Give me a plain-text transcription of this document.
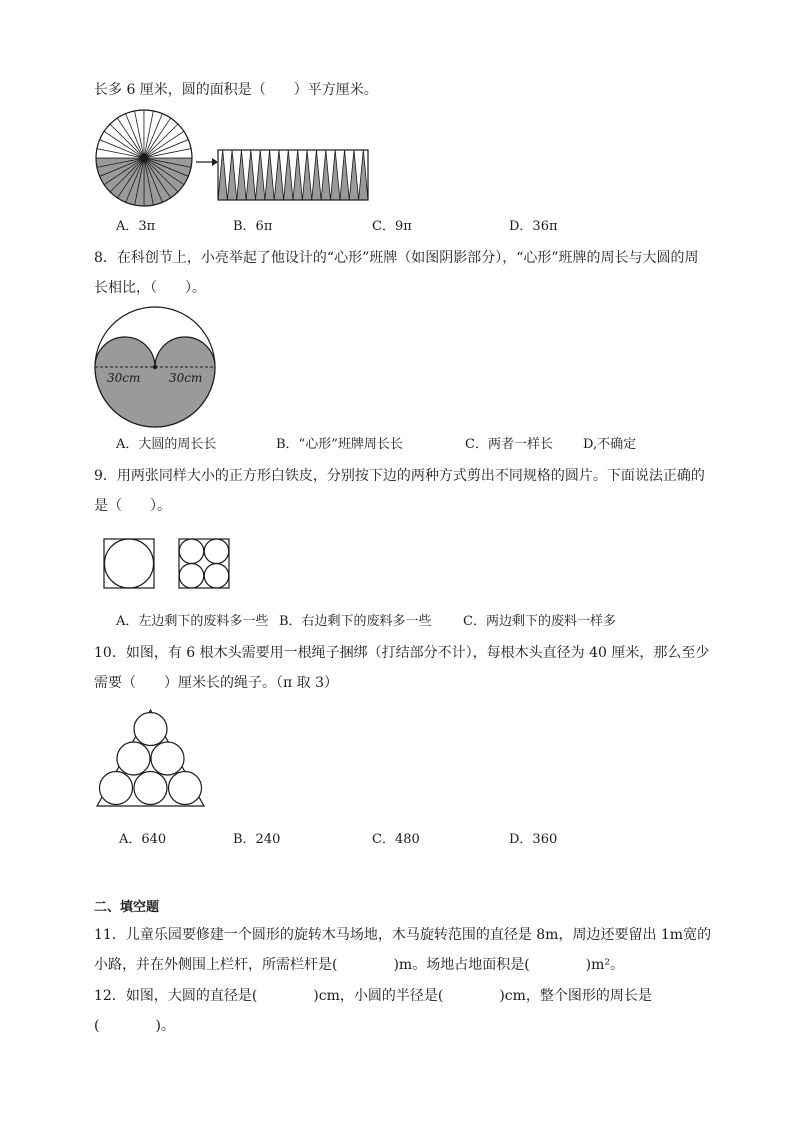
长多 6 厘米，圆的面积是（　　）平方厘米。
A．3π	B．6π	C．9π	D．36π
8．在科创节上，小亮举起了他设计的“心形”班牌（如图阴影部分），“心形”班牌的周长与大圆的周
长相比，（　　）。
30cm 30cm
A．大圆的周长长	B．“心形”班牌周长长	C．两者一样长 D,不确定
9．用两张同样大小的正方形白铁皮，分别按下边的两种方式剪出不同规格的圆片。下面说法正确的
是（　　）。
A．左边剩下的废料多一些 B．右边剩下的废料多一些 C．两边剩下的废料一样多
10．如图，有 6 根木头需要用一根绳子捆绑（打结部分不计），每根木头直径为 40 厘米，那么至少
需要（　　）厘米长的绳子。（π 取 3）
A．640	B．240	C．480	D．360
二、填空题
11．儿童乐园要修建一个圆形的旋转木马场地，木马旋转范围的直径是 8m，周边还要留出 1m宽的
小路，并在外侧围上栏杆，所需栏杆是(　　　　)m。场地占地面积是(　　　　)m²。
12．如图，大圆的直径是(　　　　)cm，小圆的半径是(　　　　)cm，整个图形的周长是
(　　　　)。
